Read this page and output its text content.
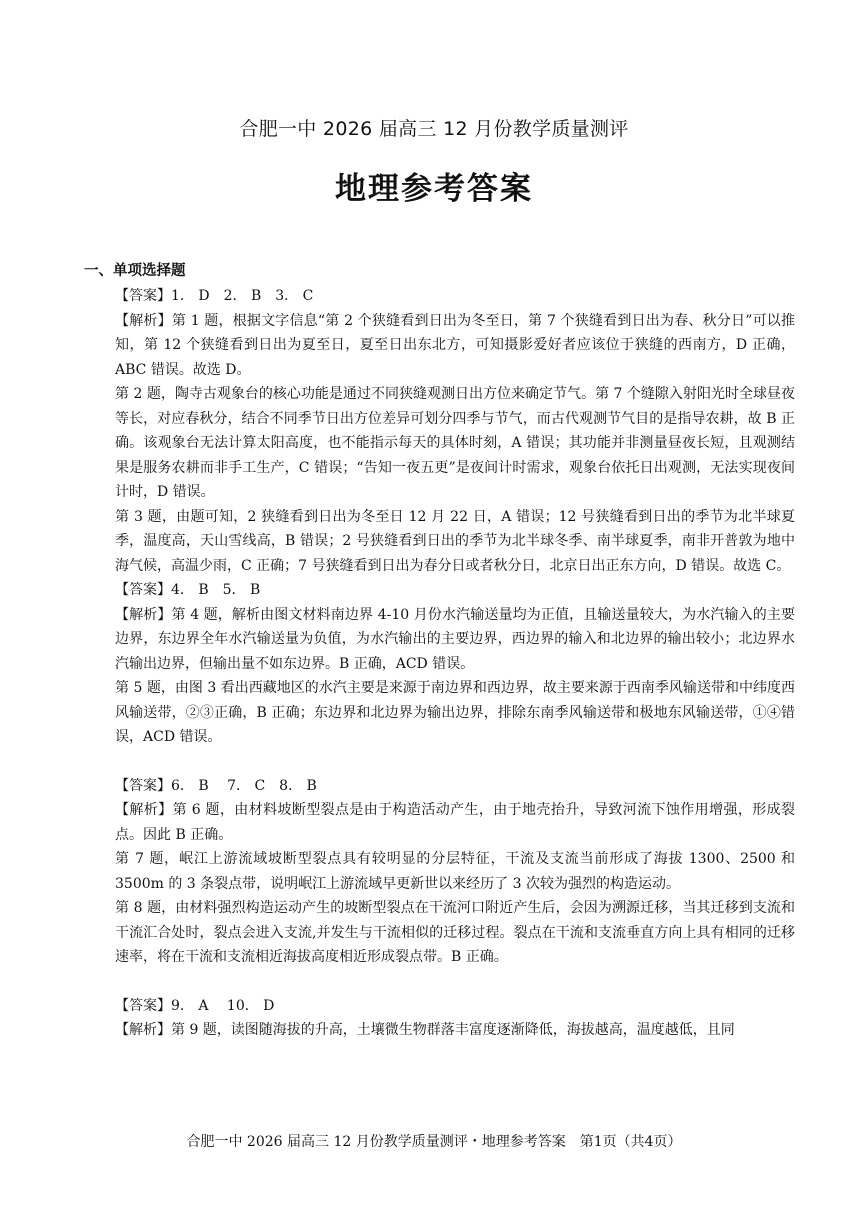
合肥一中 2026 届高三 12 月份教学质量测评
地理参考答案
一、单项选择题

【答案】1． D　2． B　3． C

【解析】第 1 题，根据文字信息“第 2 个狭缝看到日出为冬至日，第 7 个狭缝看到日出为春、秋分日”可以推知，第 12 个狭缝看到日出为夏至日，夏至日出东北方，可知摄影爱好者应该位于狭缝的西南方，D 正确，ABC 错误。故选 D。

第 2 题，陶寺古观象台的核心功能是通过不同狭缝观测日出方位来确定节气。第 7 个缝隙入射阳光时全球昼夜等长，对应春秋分，结合不同季节日出方位差异可划分四季与节气，而古代观测节气目的是指导农耕，故 B 正确。该观象台无法计算太阳高度，也不能指示每天的具体时刻，A 错误；其功能并非测量昼夜长短，且观测结果是服务农耕而非手工生产，C 错误；“告知一夜五更”是夜间计时需求，观象台依托日出观测，无法实现夜间计时，D 错误。

第 3 题，由题可知，2 狭缝看到日出为冬至日 12 月 22 日，A 错误；12 号狭缝看到日出的季节为北半球夏季，温度高，天山雪线高，B 错误；2 号狭缝看到日出的季节为北半球冬季、南半球夏季，南非开普敦为地中海气候，高温少雨，C 正确；7 号狭缝看到日出为春分日或者秋分日，北京日出正东方向，D 错误。故选 C。

【答案】4． B　5． B

【解析】第 4 题，解析由图文材料南边界 4-10 月份水汽输送量均为正值，且输送量较大，为水汽输入的主要边界，东边界全年水汽输送量为负值，为水汽输出的主要边界，西边界的输入和北边界的输出较小；北边界水汽输出边界，但输出量不如东边界。B 正确，ACD 错误。

第 5 题，由图 3 看出西藏地区的水汽主要是来源于南边界和西边界，故主要来源于西南季风输送带和中纬度西风输送带，②③正确，B 正确；东边界和北边界为输出边界，排除东南季风输送带和极地东风输送带，①④错误，ACD 错误。

【答案】6． B　 7． C　8． B

【解析】第 6 题，由材料坡断型裂点是由于构造活动产生，由于地壳抬升，导致河流下蚀作用增强，形成裂点。因此 B 正确。

第 7 题，岷江上游流域坡断型裂点具有较明显的分层特征，干流及支流当前形成了海拔 1300、2500 和 3500m 的 3 条裂点带，说明岷江上游流域早更新世以来经历了 3 次较为强烈的构造运动。

第 8 题，由材料强烈构造运动产生的坡断型裂点在干流河口附近产生后，会因为溯源迁移，当其迁移到支流和干流汇合处时，裂点会进入支流,并发生与干流相似的迁移过程。裂点在干流和支流垂直方向上具有相同的迁移速率，将在干流和支流相近海拔高度相近形成裂点带。B 正确。

【答案】9． A　 10． D

【解析】第 9 题，读图随海拔的升高，土壤微生物群落丰富度逐渐降低，海拔越高，温度越低，且同

合肥一中 2026 届高三 12 月份教学质量测评・地理参考答案　第1页（共4页）
